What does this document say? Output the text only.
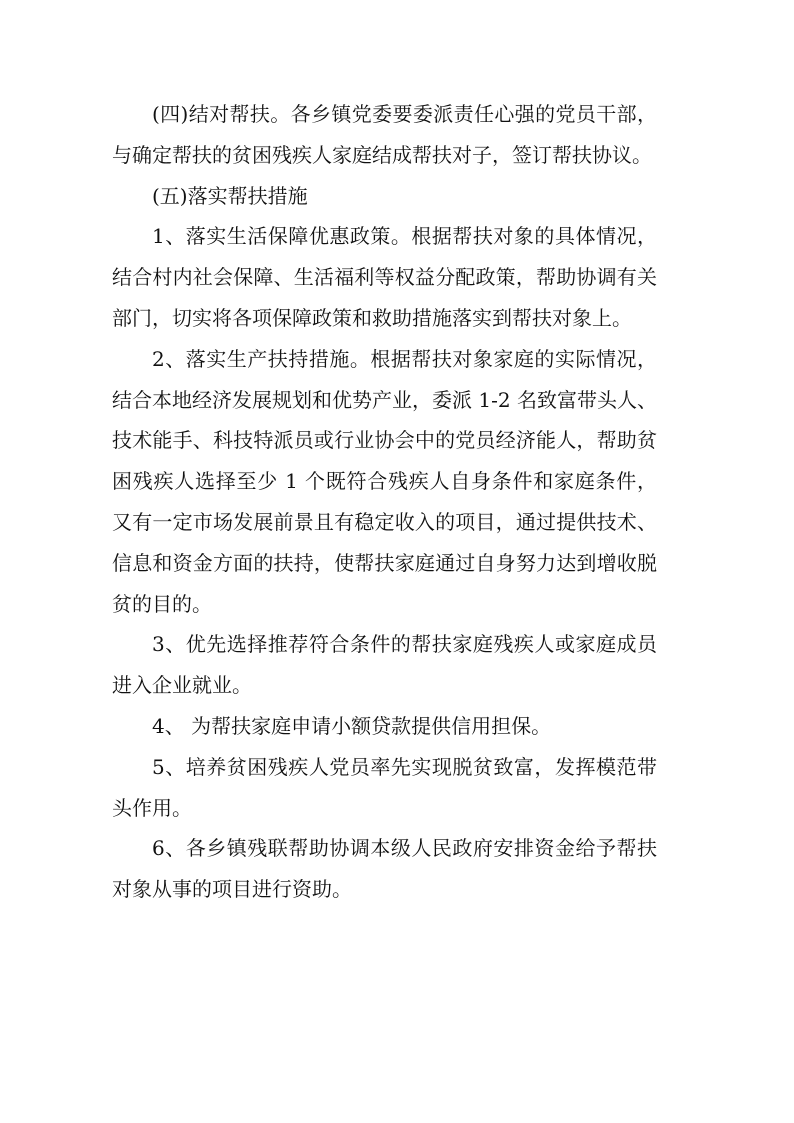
(四)结对帮扶。各乡镇党委要委派责任心强的党员干部，与确定帮扶的贫困残疾人家庭结成帮扶对子，签订帮扶协议。

(五)落实帮扶措施

1、落实生活保障优惠政策。根据帮扶对象的具体情况，结合村内社会保障、生活福利等权益分配政策，帮助协调有关部门，切实将各项保障政策和救助措施落实到帮扶对象上。

2、落实生产扶持措施。根据帮扶对象家庭的实际情况，结合本地经济发展规划和优势产业，委派 1-2 名致富带头人、技术能手、科技特派员或行业协会中的党员经济能人，帮助贫困残疾人选择至少 1 个既符合残疾人自身条件和家庭条件，又有一定市场发展前景且有稳定收入的项目，通过提供技术、信息和资金方面的扶持，使帮扶家庭通过自身努力达到增收脱贫的目的。

3、优先选择推荐符合条件的帮扶家庭残疾人或家庭成员进入企业就业。

4、 为帮扶家庭申请小额贷款提供信用担保。

5、培养贫困残疾人党员率先实现脱贫致富，发挥模范带头作用。

6、各乡镇残联帮助协调本级人民政府安排资金给予帮扶对象从事的项目进行资助。
